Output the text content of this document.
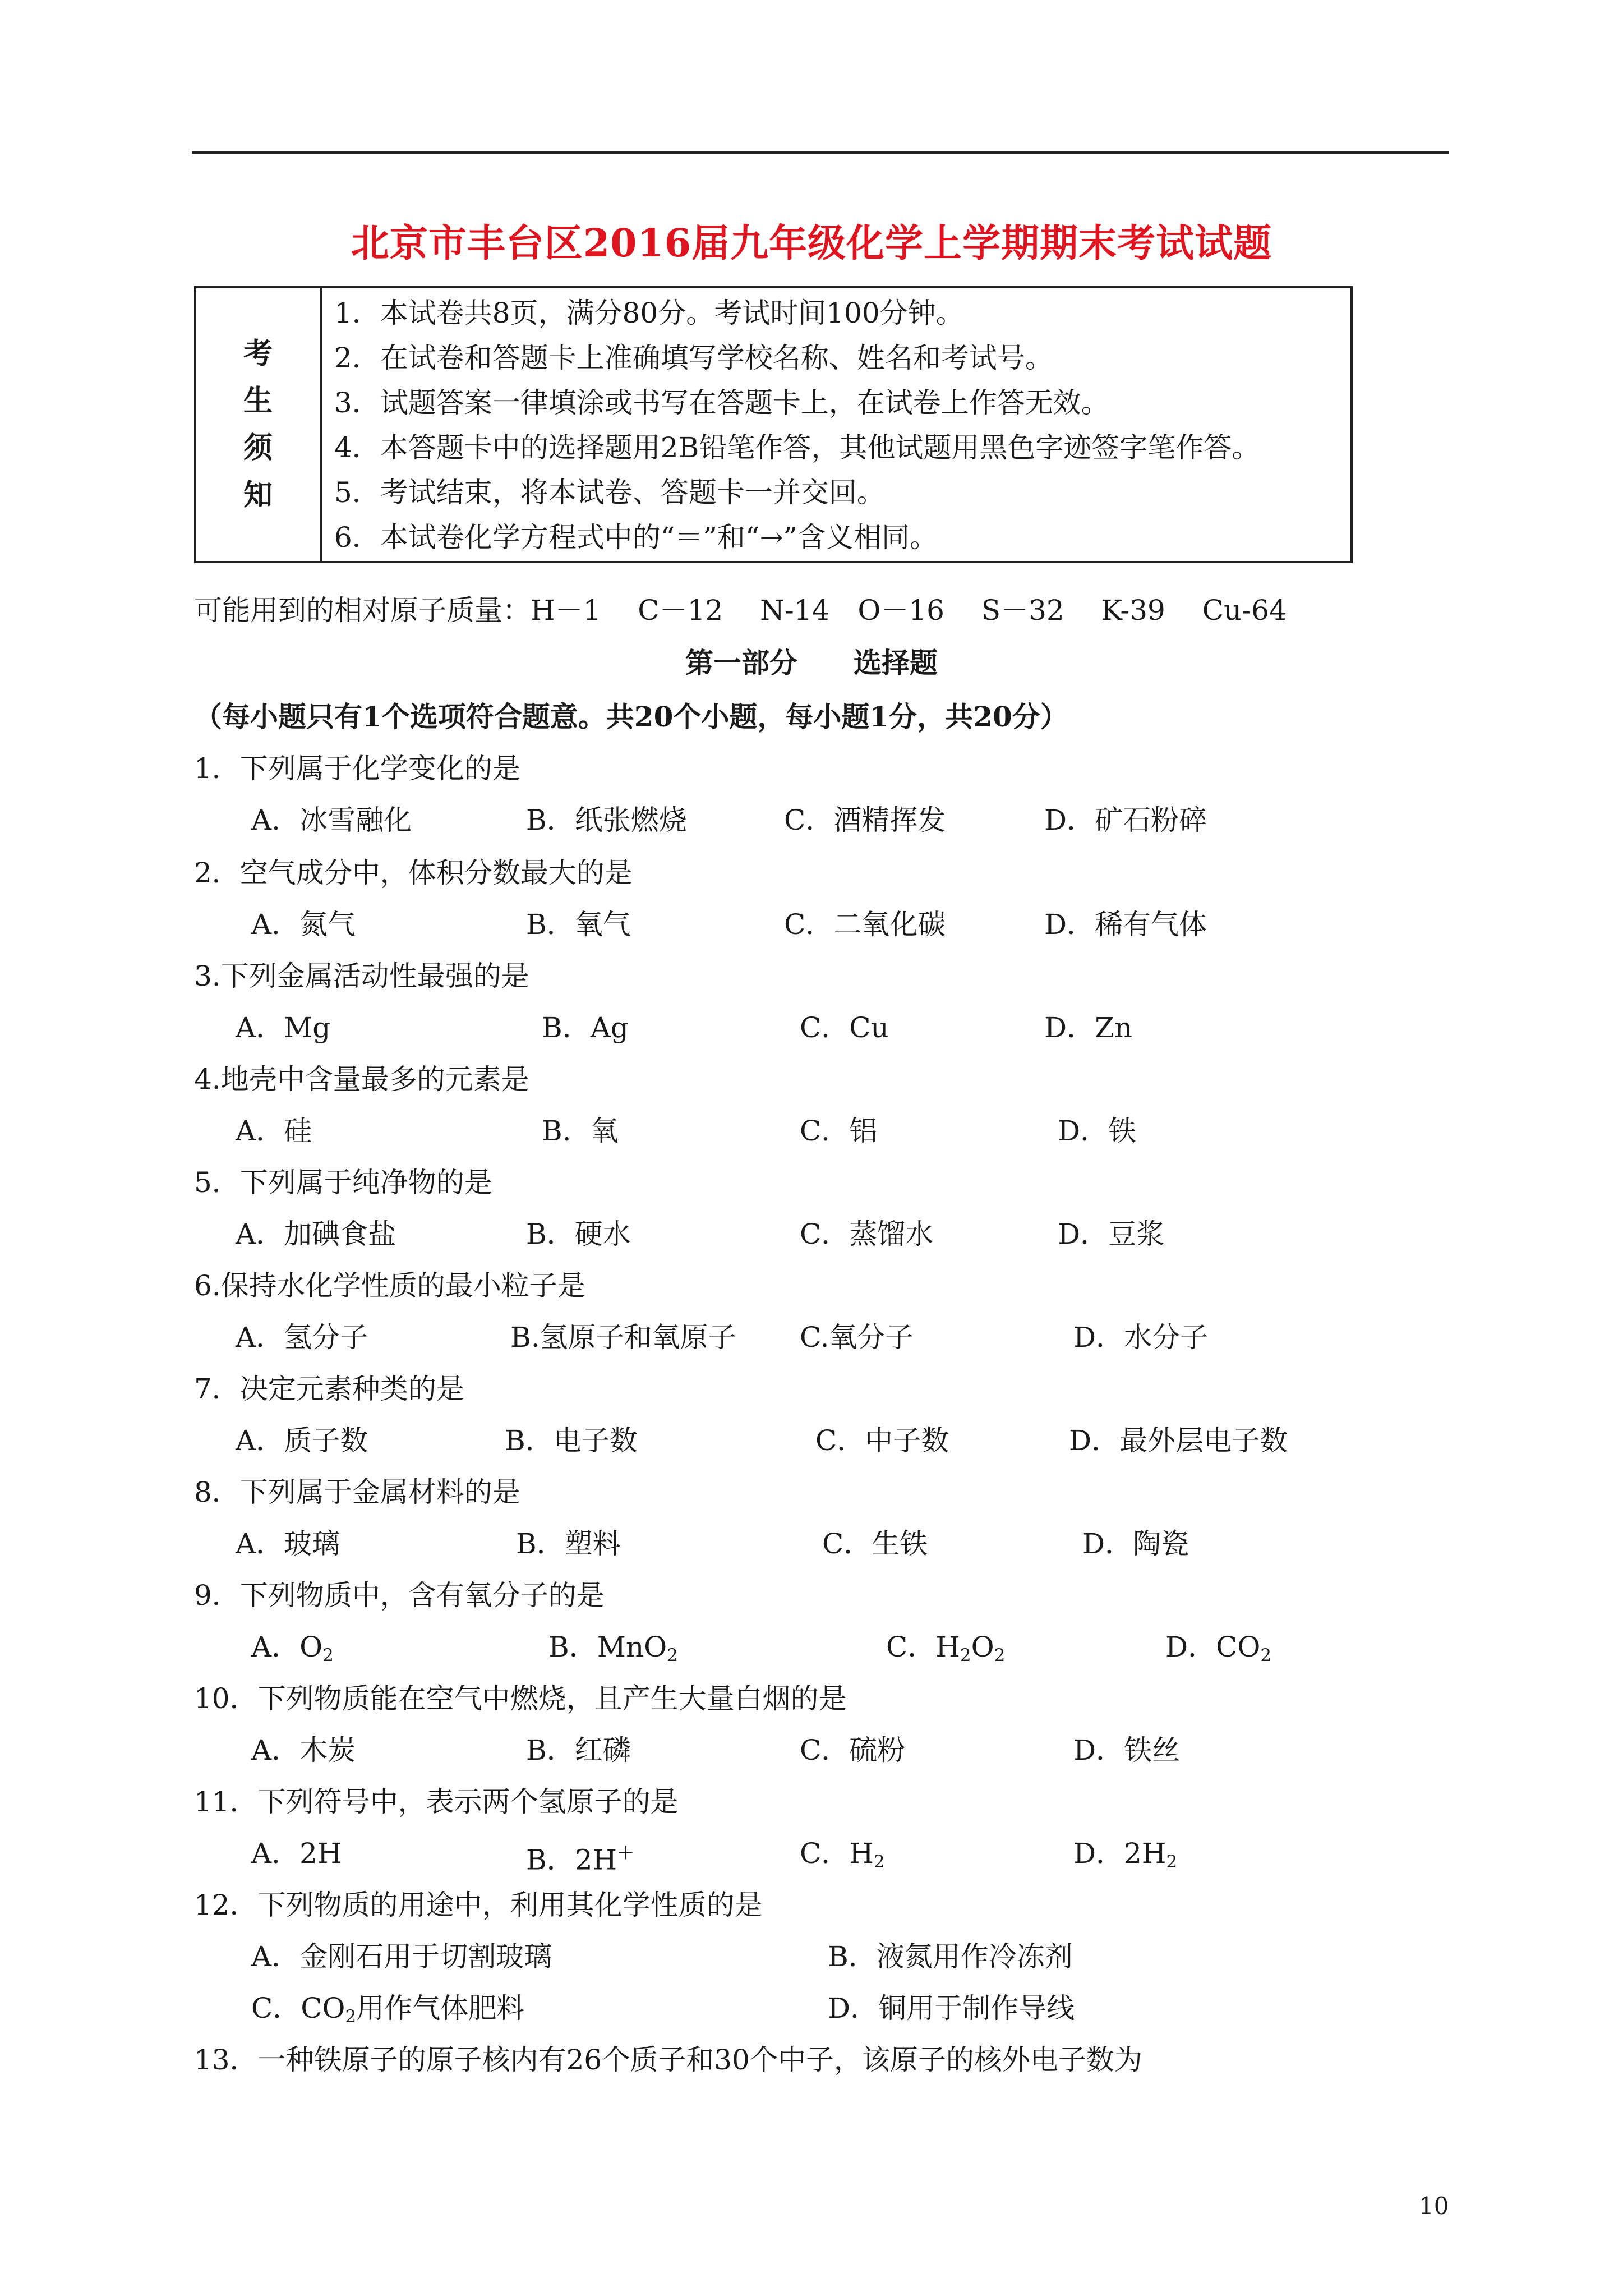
北京市丰台区2016届九年级化学上学期期末考试试题
考
生
须
知
1．本试卷共8页，满分80分。考试时间100分钟。
2．在试卷和答题卡上准确填写学校名称、姓名和考试号。
3．试题答案一律填涂或书写在答题卡上，在试卷上作答无效。
4．本答题卡中的选择题用2B铅笔作答，其他试题用黑色字迹签字笔作答。
5．考试结束，将本试卷、答题卡一并交回。
6．本试卷化学方程式中的“＝”和“→”含义相同。
可能用到的相对原子质量：H－1　 C－12　 N-14　O－16　 S－32　 K-39　 Cu-64
第一部分　　选择题
（每小题只有1个选项符合题意。共20个小题，每小题1分，共20分）
1．下列属于化学变化的是
A．冰雪融化	B．纸张燃烧	C．酒精挥发	D．矿石粉碎
2．空气成分中，体积分数最大的是
A．氮气	B．氧气	C．二氧化碳	D．稀有气体
3.下列金属活动性最强的是
A．Mg	B．Ag	C．Cu	D．Zn
4.地壳中含量最多的元素是
A．硅	B．氧	C．铝	D．铁
5．下列属于纯净物的是
A．加碘食盐	B．硬水	C．蒸馏水	D．豆浆
6.保持水化学性质的最小粒子是
A．氢分子	B.氢原子和氧原子 C.氧分子	D．水分子
7．决定元素种类的是
A．质子数	B．电子数	C．中子数	D．最外层电子数
8．下列属于金属材料的是
A．玻璃	B．塑料	C．生铁	D．陶瓷
9．下列物质中，含有氧分子的是
A．$O_2$	B．MnO$_2$	C．$H_2O_2$	D．$CO_2$
10．下列物质能在空气中燃烧，且产生大量白烟的是
A．木炭	B．红磷	C．硫粉	D．铁丝
11．下列符号中，表示两个氢原子的是
A．2H	B．2H＋	C．$H_2$	D．$2H_2$
12．下列物质的用途中，利用其化学性质的是
A．金刚石用于切割玻璃	B．液氮用作冷冻剂
C．$CO_2$用作气体肥料	D．铜用于制作导线
13．一种铁原子的原子核内有26个质子和30个中子，该原子的核外电子数为
10
